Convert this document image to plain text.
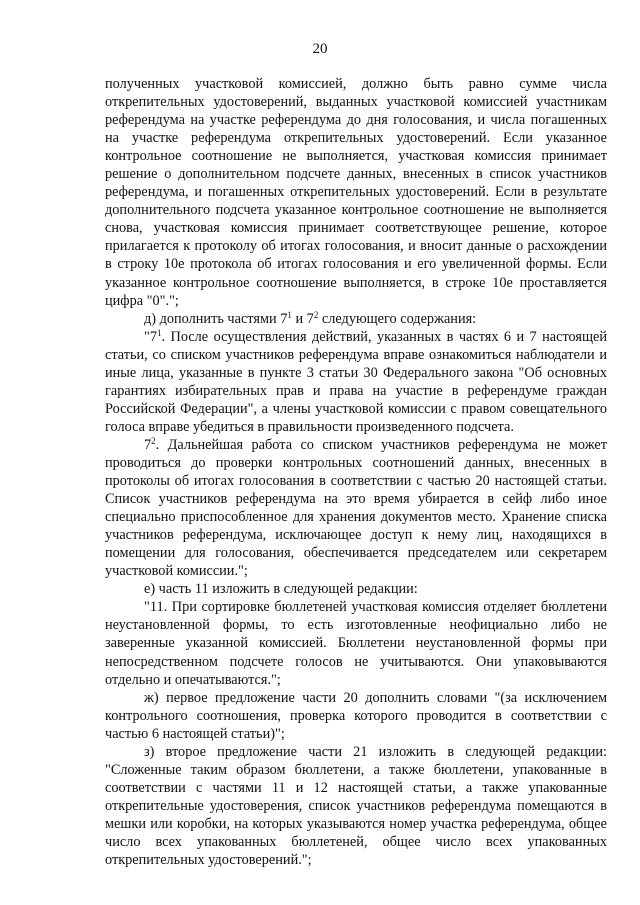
20

полученных участковой комиссией, должно быть равно сумме числа открепительных удостоверений, выданных участковой комиссией участникам референдума на участке референдума до дня голосования, и числа погашенных на участке референдума открепительных удостоверений. Если указанное контрольное соотношение не выполняется, участковая комиссия принимает решение о дополнительном подсчете данных, внесенных в список участников референдума, и погашенных открепительных удостоверений. Если в результате дополнительного подсчета указанное контрольное соотношение не выполняется снова, участковая комиссия принимает соответствующее решение, которое прилагается к протоколу об итогах голосования, и вносит данные о расхождении в строку 10е протокола об итогах голосования и его увеличенной формы. Если указанное контрольное соотношение выполняется, в строке 10е проставляется цифра "0".";

д) дополнить частями $7^1$ и $7^2$ следующего содержания:

"$7^1$. После осуществления действий, указанных в частях 6 и 7 настоящей статьи, со списком участников референдума вправе ознакомиться наблюдатели и иные лица, указанные в пункте 3 статьи 30 Федерального закона "Об основных гарантиях избирательных прав и права на участие в референдуме граждан Российской Федерации", а члены участковой комиссии с правом совещательного голоса вправе убедиться в правильности произведенного подсчета.

$7^2$. Дальнейшая работа со списком участников референдума не может проводиться до проверки контрольных соотношений данных, внесенных в протоколы об итогах голосования в соответствии с частью 20 настоящей статьи. Список участников референдума на это время убирается в сейф либо иное специально приспособленное для хранения документов место. Хранение списка участников референдума, исключающее доступ к нему лиц, находящихся в помещении для голосования, обеспечивается председателем или секретарем участковой комиссии.";

е) часть 11 изложить в следующей редакции:

"11. При сортировке бюллетеней участковая комиссия отделяет бюллетени неустановленной формы, то есть изготовленные неофициально либо не заверенные указанной комиссией. Бюллетени неустановленной формы при непосредственном подсчете голосов не учитываются. Они упаковываются отдельно и опечатываются.";

ж) первое предложение части 20 дополнить словами "(за исключением контрольного соотношения, проверка которого проводится в соответствии с частью 6 настоящей статьи)";

з) второе предложение части 21 изложить в следующей редакции: "Сложенные таким образом бюллетени, а также бюллетени, упакованные в соответствии с частями 11 и 12 настоящей статьи, а также упакованные открепительные удостоверения, список участников референдума помещаются в мешки или коробки, на которых указываются номер участка референдума, общее число всех упакованных бюллетеней, общее число всех упакованных открепительных удостоверений.";
